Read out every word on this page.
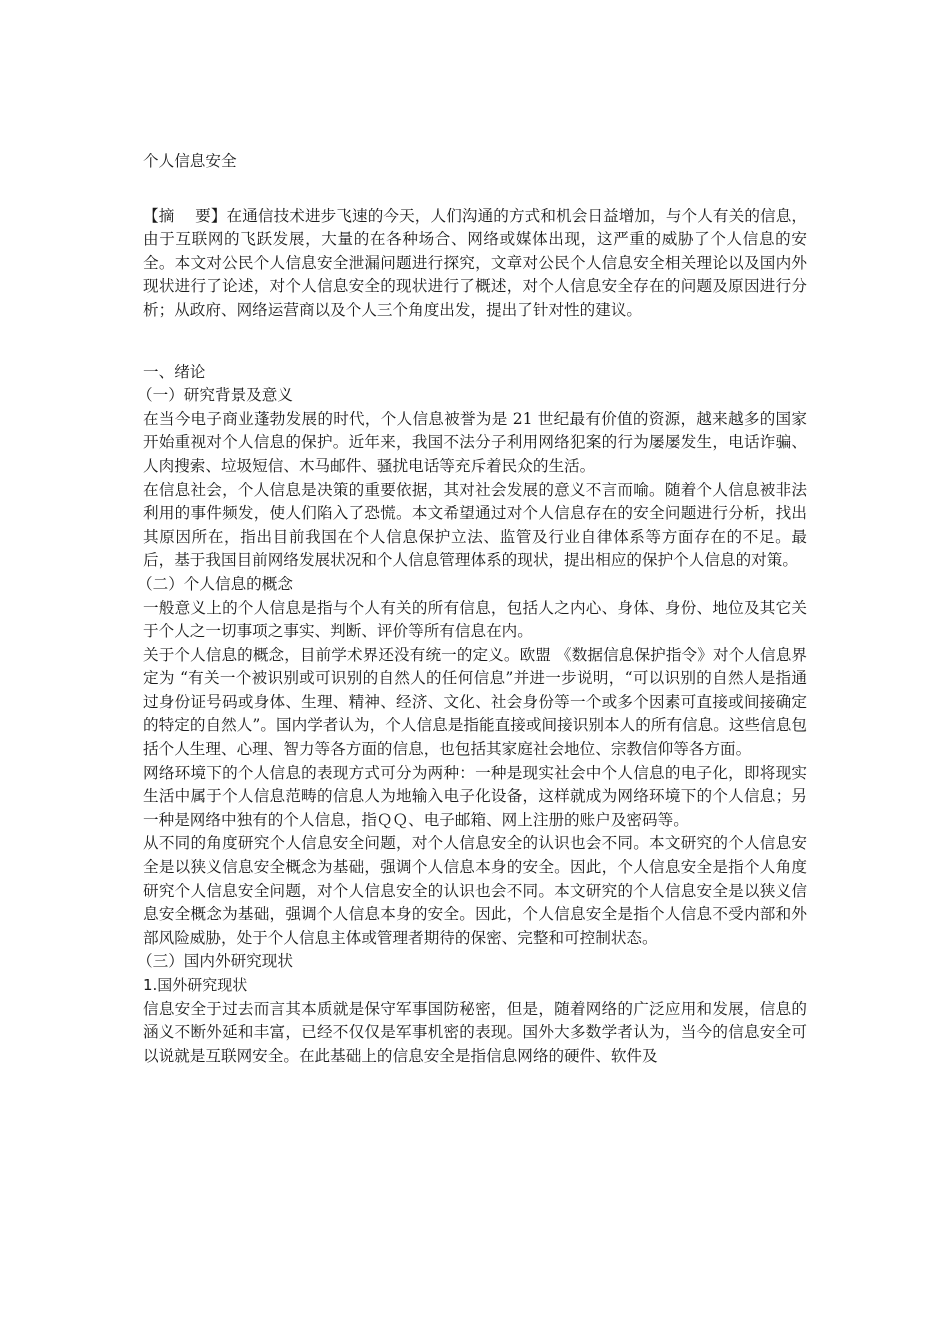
个人信息安全

【摘　 要】在通信技术进步飞速的今天，人们沟通的方式和机会日益增加，与个人有关的信息，由于互联网的飞跃发展，大量的在各种场合、网络或媒体出现，这严重的威胁了个人信息的安全。本文对公民个人信息安全泄漏问题进行探究，文章对公民个人信息安全相关理论以及国内外现状进行了论述，对个人信息安全的现状进行了概述，对个人信息安全存在的问题及原因进行分析；从政府、网络运营商以及个人三个角度出发，提出了针对性的建议。

一、绪论

（一）研究背景及意义

在当今电子商业蓬勃发展的时代，个人信息被誉为是 21 世纪最有价值的资源，越来越多的国家开始重视对个人信息的保护。近年来，我国不法分子利用网络犯案的行为屡屡发生，电话诈骗、人肉搜索、垃圾短信、木马邮件、骚扰电话等充斥着民众的生活。

在信息社会，个人信息是决策的重要依据，其对社会发展的意义不言而喻。随着个人信息被非法利用的事件频发，使人们陷入了恐慌。本文希望通过对个人信息存在的安全问题进行分析，找出其原因所在，指出目前我国在个人信息保护立法、监管及行业自律体系等方面存在的不足。最后，基于我国目前网络发展状况和个人信息管理体系的现状，提出相应的保护个人信息的对策。

（二）个人信息的概念

一般意义上的个人信息是指与个人有关的所有信息，包括人之内心、身体、身份、地位及其它关于个人之一切事项之事实、判断、评价等所有信息在内。

关于个人信息的概念，目前学术界还没有统一的定义。欧盟 《数据信息保护指令》对个人信息界定为 “有关一个被识别或可识别的自然人的任何信息”并进一步说明，“可以识别的自然人是指通过身份证号码或身体、生理、精神、经济、文化、社会身份等一个或多个因素可直接或间接确定的特定的自然人”。国内学者认为，个人信息是指能直接或间接识别本人的所有信息。这些信息包括个人生理、心理、智力等各方面的信息，也包括其家庭社会地位、宗教信仰等各方面。

网络环境下的个人信息的表现方式可分为两种：一种是现实社会中个人信息的电子化，即将现实生活中属于个人信息范畴的信息人为地输入电子化设备，这样就成为网络环境下的个人信息；另一种是网络中独有的个人信息，指ＱＱ、电子邮箱、网上注册的账户及密码等。

从不同的角度研究个人信息安全问题，对个人信息安全的认识也会不同。本文研究的个人信息安全是以狭义信息安全概念为基础，强调个人信息本身的安全。因此，个人信息安全是指个人角度研究个人信息安全问题，对个人信息安全的认识也会不同。本文研究的个人信息安全是以狭义信息安全概念为基础，强调个人信息本身的安全。因此，个人信息安全是指个人信息不受内部和外部风险威胁，处于个人信息主体或管理者期待的保密、完整和可控制状态。

（三）国内外研究现状

1.国外研究现状

信息安全于过去而言其本质就是保守军事国防秘密，但是，随着网络的广泛应用和发展，信息的涵义不断外延和丰富，已经不仅仅是军事机密的表现。国外大多数学者认为，当今的信息安全可以说就是互联网安全。在此基础上的信息安全是指信息网络的硬件、软件及
